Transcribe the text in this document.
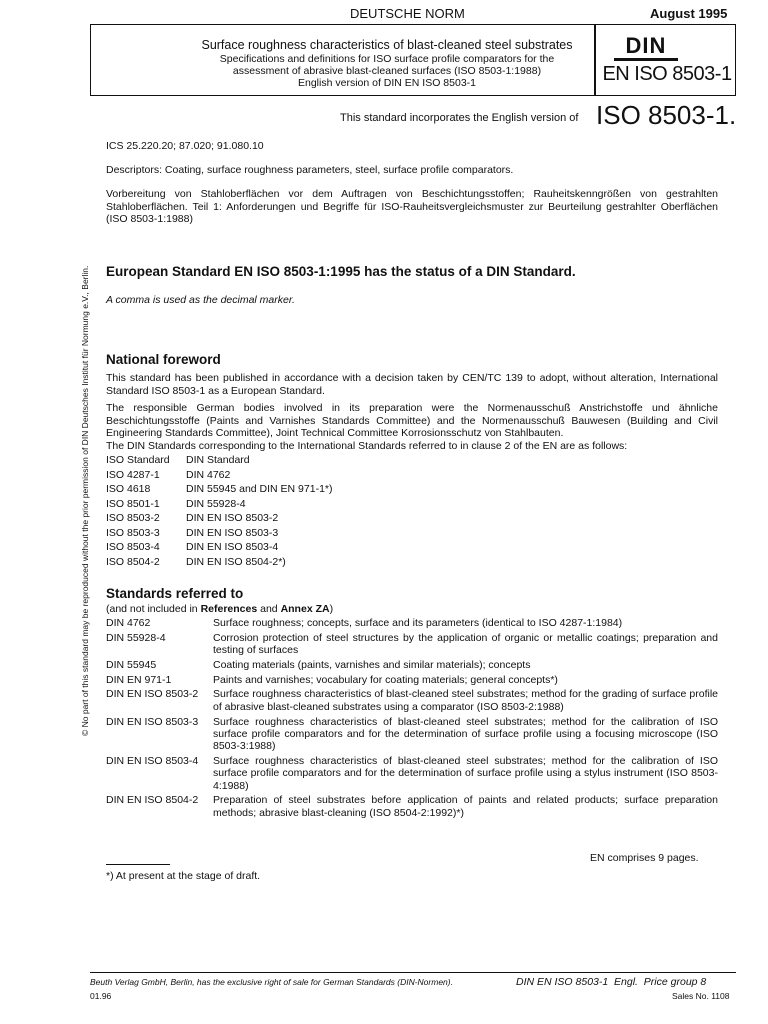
DEUTSCHE NORM	August 1995
Surface roughness characteristics of blast-cleaned steel substrates
Specifications and definitions for ISO surface profile comparators for the
assessment of abrasive blast-cleaned surfaces (ISO 8503-1:1988)
English version of DIN EN ISO 8503-1
DIN
EN ISO 8503-1
This standard incorporates the English version of ISO 8503-1.
ICS 25.220.20; 87.020; 91.080.10
Descriptors: Coating, surface roughness parameters, steel, surface profile comparators.
Vorbereitung von Stahloberflächen vor dem Auftragen von Beschichtungsstoffen; Rauheitskenngrößen von gestrahlten Stahloberflächen. Teil 1: Anforderungen und Begriffe für ISO-Rauheitsvergleichsmuster zur Beurteilung gestrahlter Oberflächen (ISO 8503-1:1988)
© No part of this standard may be reproduced without the prior permission of DIN Deutsches Institut für Normung e.V., Berlin. European Standard EN ISO 8503-1:1995 has the status of a DIN Standard.
A comma is used as the decimal marker.
National foreword
This standard has been published in accordance with a decision taken by CEN/TC 139 to adopt, without alteration, International Standard ISO 8503-1 as a European Standard.
The responsible German bodies involved in its preparation were the Normenausschuß Anstrichstoffe und ähnliche Beschichtungsstoffe (Paints and Varnishes Standards Committee) and the Normenausschuß Bauwesen (Building and Civil Engineering Standards Committee), Joint Technical Committee Korrosionsschutz von Stahlbauten.
The DIN Standards corresponding to the International Standards referred to in clause 2 of the EN are as follows:
ISO Standard	DIN Standard
ISO 4287-1	DIN 4762
ISO 4618	DIN 55945 and DIN EN 971-1*)
ISO 8501-1	DIN 55928-4
ISO 8503-2	DIN EN ISO 8503-2
ISO 8503-3	DIN EN ISO 8503-3
ISO 8503-4	DIN EN ISO 8503-4
ISO 8504-2	DIN EN ISO 8504-2*)
Standards referred to
(and not included in References and Annex ZA)
DIN 4762	Surface roughness; concepts, surface and its parameters (identical to ISO 4287-1:1984)
DIN 55928-4	Corrosion protection of steel structures by the application of organic or metallic coatings; preparation and testing of surfaces
DIN 55945	Coating materials (paints, varnishes and similar materials); concepts
DIN EN 971-1	Paints and varnishes; vocabulary for coating materials; general concepts*)
DIN EN ISO 8503-2	Surface roughness characteristics of blast-cleaned steel substrates; method for the grading of surface profile of abrasive blast-cleaned substrates using a comparator (ISO 8503-2:1988)
DIN EN ISO 8503-3	Surface roughness characteristics of blast-cleaned steel substrates; method for the calibration of ISO surface profile comparators and for the determination of surface profile using a focusing microscope (ISO 8503-3:1988)
DIN EN ISO 8503-4	Surface roughness characteristics of blast-cleaned steel substrates; method for the calibration of ISO surface profile comparators and for the determination of surface profile using a stylus instrument (ISO 8503-4:1988)
DIN EN ISO 8504-2	Preparation of steel substrates before application of paints and related products; surface preparation methods; abrasive blast-cleaning (ISO 8504-2:1992)*)
EN comprises 9 pages.
*) At present at the stage of draft.
Beuth Verlag GmbH, Berlin, has the exclusive right of sale for German Standards (DIN-Normen).	DIN EN ISO 8503-1  Engl.  Price group 8
01.96	Sales No. 1108
